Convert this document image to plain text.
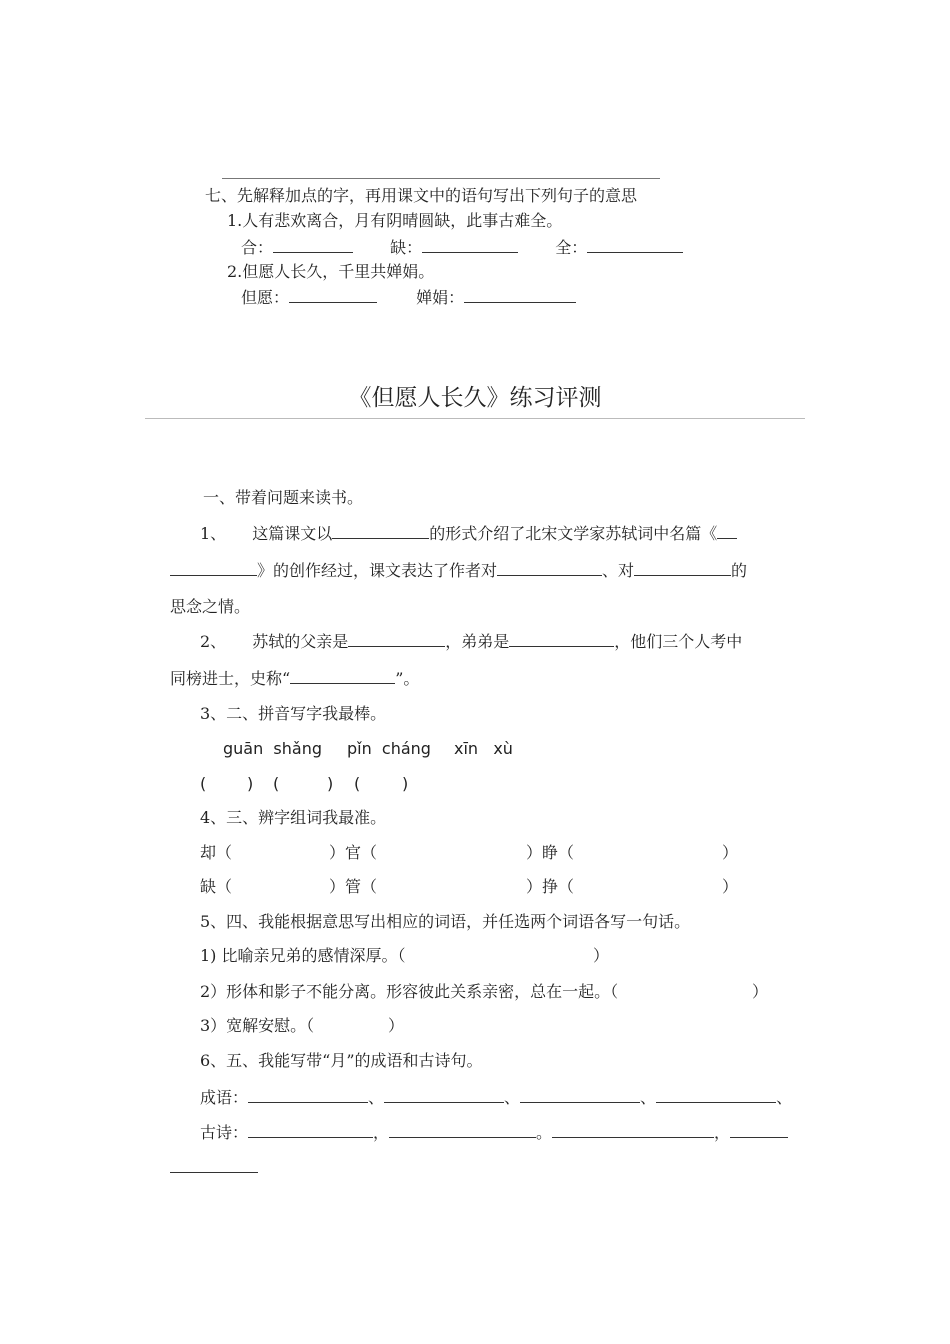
七、先解释加点的字，再用课文中的语句写出下列句子的意思
1.人有悲欢离合，月有阴晴圆缺，此事古难全。
合：	缺：	全：
2.但愿人长久，千里共婵娟。
但愿：	婵娟：
《但愿人长久》练习评测
一、带着问题来读书。
1、 这篇课文以	的形式介绍了北宋文学家苏轼词中名篇《
》的创作经过，课文表达了作者对	、对	的
思念之情。
2、 苏轼的父亲是	，弟弟是	，他们三个人考中
同榜进士，史称“	”。
3、二、拼音写字我最棒。
guān  shǎng pǐn  cháng xīn   xù
(	) (	) (	)
4、三、辨字组词我最准。
却（	）官（	）睁（	）
缺（	）管（	）挣（	）
5、四、我能根据意思写出相应的词语，并任选两个词语各写一句话。
1) 比喻亲兄弟的感情深厚。（	）
2）形体和影子不能分离。形容彼此关系亲密，总在一起。（	）
3）宽解安慰。（	）
6、五、我能写带“月”的成语和古诗句。
成语：	、	、	、	、
古诗：	，	。	，
